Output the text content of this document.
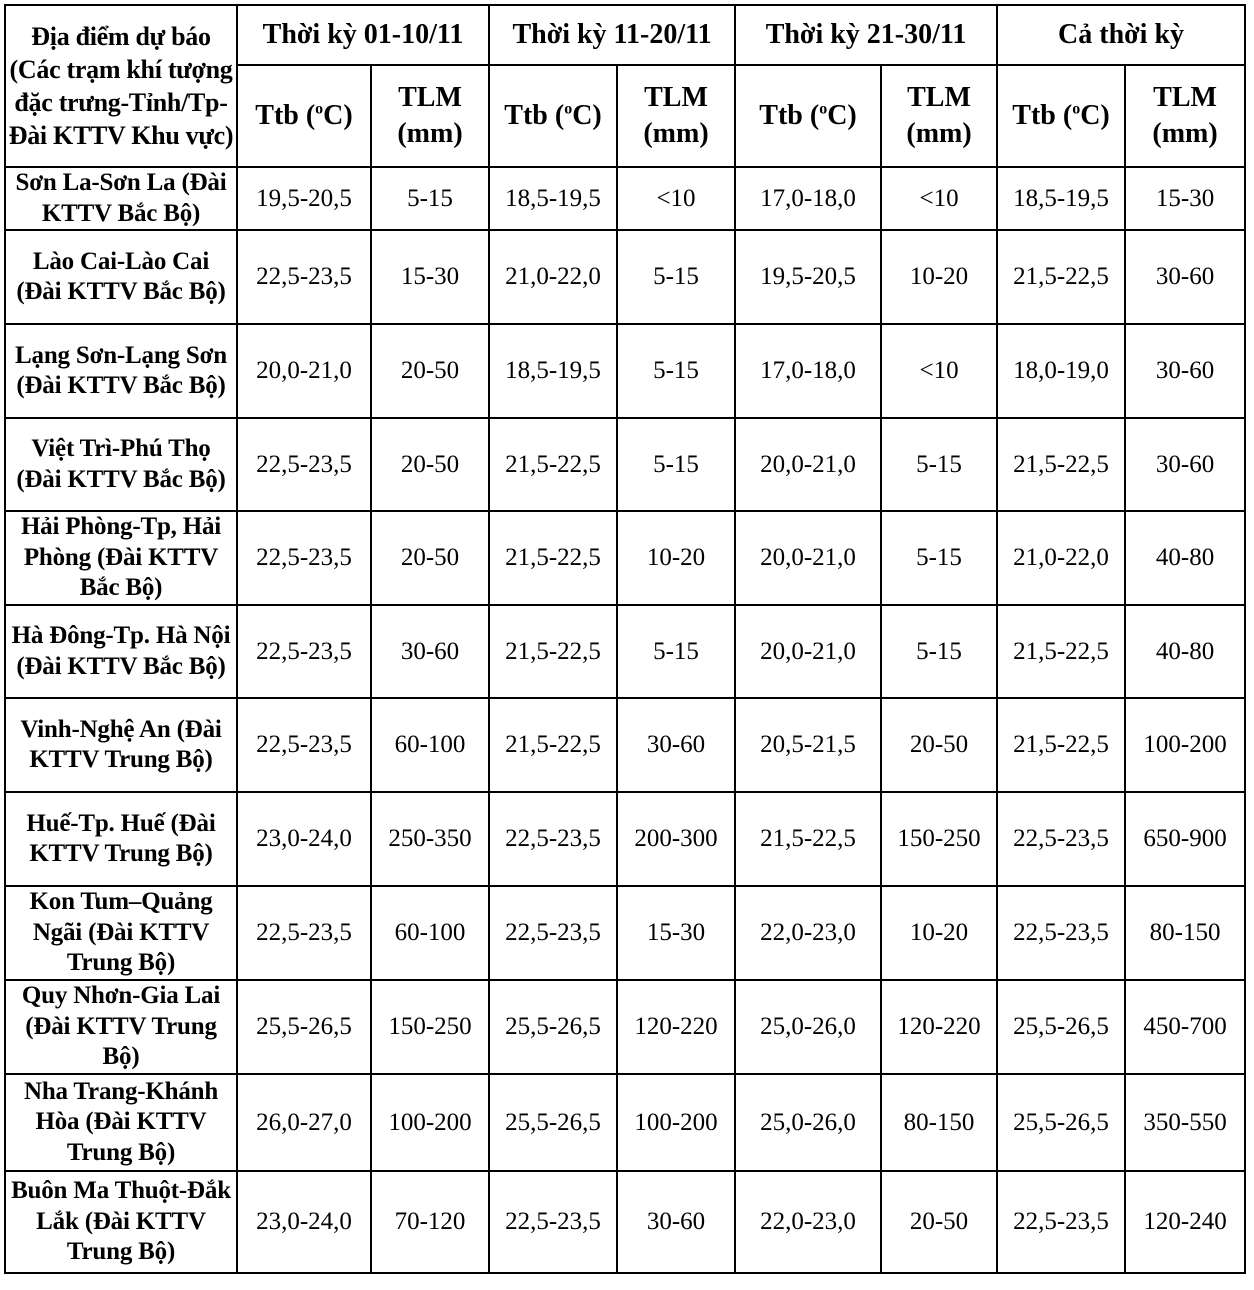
Địa điểm dự báo (Các trạm khí tượng đặc trưng-Tỉnh/Tp-Đài KTTV Khu vực)	Thời kỳ 01-10/11		Thời kỳ 11-20/11		Thời kỳ 21-30/11		Cả thời kỳ	
	Ttb ($^o$C)	TLM (mm)	Ttb ($^o$C)	TLM (mm)	Ttb ($^o$C)	TLM (mm)	Ttb ($^o$C)	TLM (mm)
Sơn La-Sơn La (Đài KTTV Bắc Bộ)	19,5-20,5	5-15	18,5-19,5	<10	17,0-18,0	<10	18,5-19,5	15-30
Lào Cai-Lào Cai (Đài KTTV Bắc Bộ)	22,5-23,5	15-30	21,0-22,0	5-15	19,5-20,5	10-20	21,5-22,5	30-60
Lạng Sơn-Lạng Sơn (Đài KTTV Bắc Bộ)	20,0-21,0	20-50	18,5-19,5	5-15	17,0-18,0	<10	18,0-19,0	30-60
Việt Trì-Phú Thọ (Đài KTTV Bắc Bộ)	22,5-23,5	20-50	21,5-22,5	5-15	20,0-21,0	5-15	21,5-22,5	30-60
Hải Phòng-Tp, Hải Phòng (Đài KTTV Bắc Bộ)	22,5-23,5	20-50	21,5-22,5	10-20	20,0-21,0	5-15	21,0-22,0	40-80
Hà Đông-Tp. Hà Nội (Đài KTTV Bắc Bộ)	22,5-23,5	30-60	21,5-22,5	5-15	20,0-21,0	5-15	21,5-22,5	40-80
Vinh-Nghệ An (Đài KTTV Trung Bộ)	22,5-23,5	60-100	21,5-22,5	30-60	20,5-21,5	20-50	21,5-22,5	100-200
Huế-Tp. Huế (Đài KTTV Trung Bộ)	23,0-24,0	250-350	22,5-23,5	200-300	21,5-22,5	150-250	22,5-23,5	650-900
Kon Tum–Quảng Ngãi (Đài KTTV Trung Bộ)	22,5-23,5	60-100	22,5-23,5	15-30	22,0-23,0	10-20	22,5-23,5	80-150
Quy Nhơn-Gia Lai (Đài KTTV Trung Bộ)	25,5-26,5	150-250	25,5-26,5	120-220	25,0-26,0	120-220	25,5-26,5	450-700
Nha Trang-Khánh Hòa (Đài KTTV Trung Bộ)	26,0-27,0	100-200	25,5-26,5	100-200	25,0-26,0	80-150	25,5-26,5	350-550
Buôn Ma Thuột-Đắk Lắk (Đài KTTV Trung Bộ)	23,0-24,0	70-120	22,5-23,5	30-60	22,0-23,0	20-50	22,5-23,5	120-240
